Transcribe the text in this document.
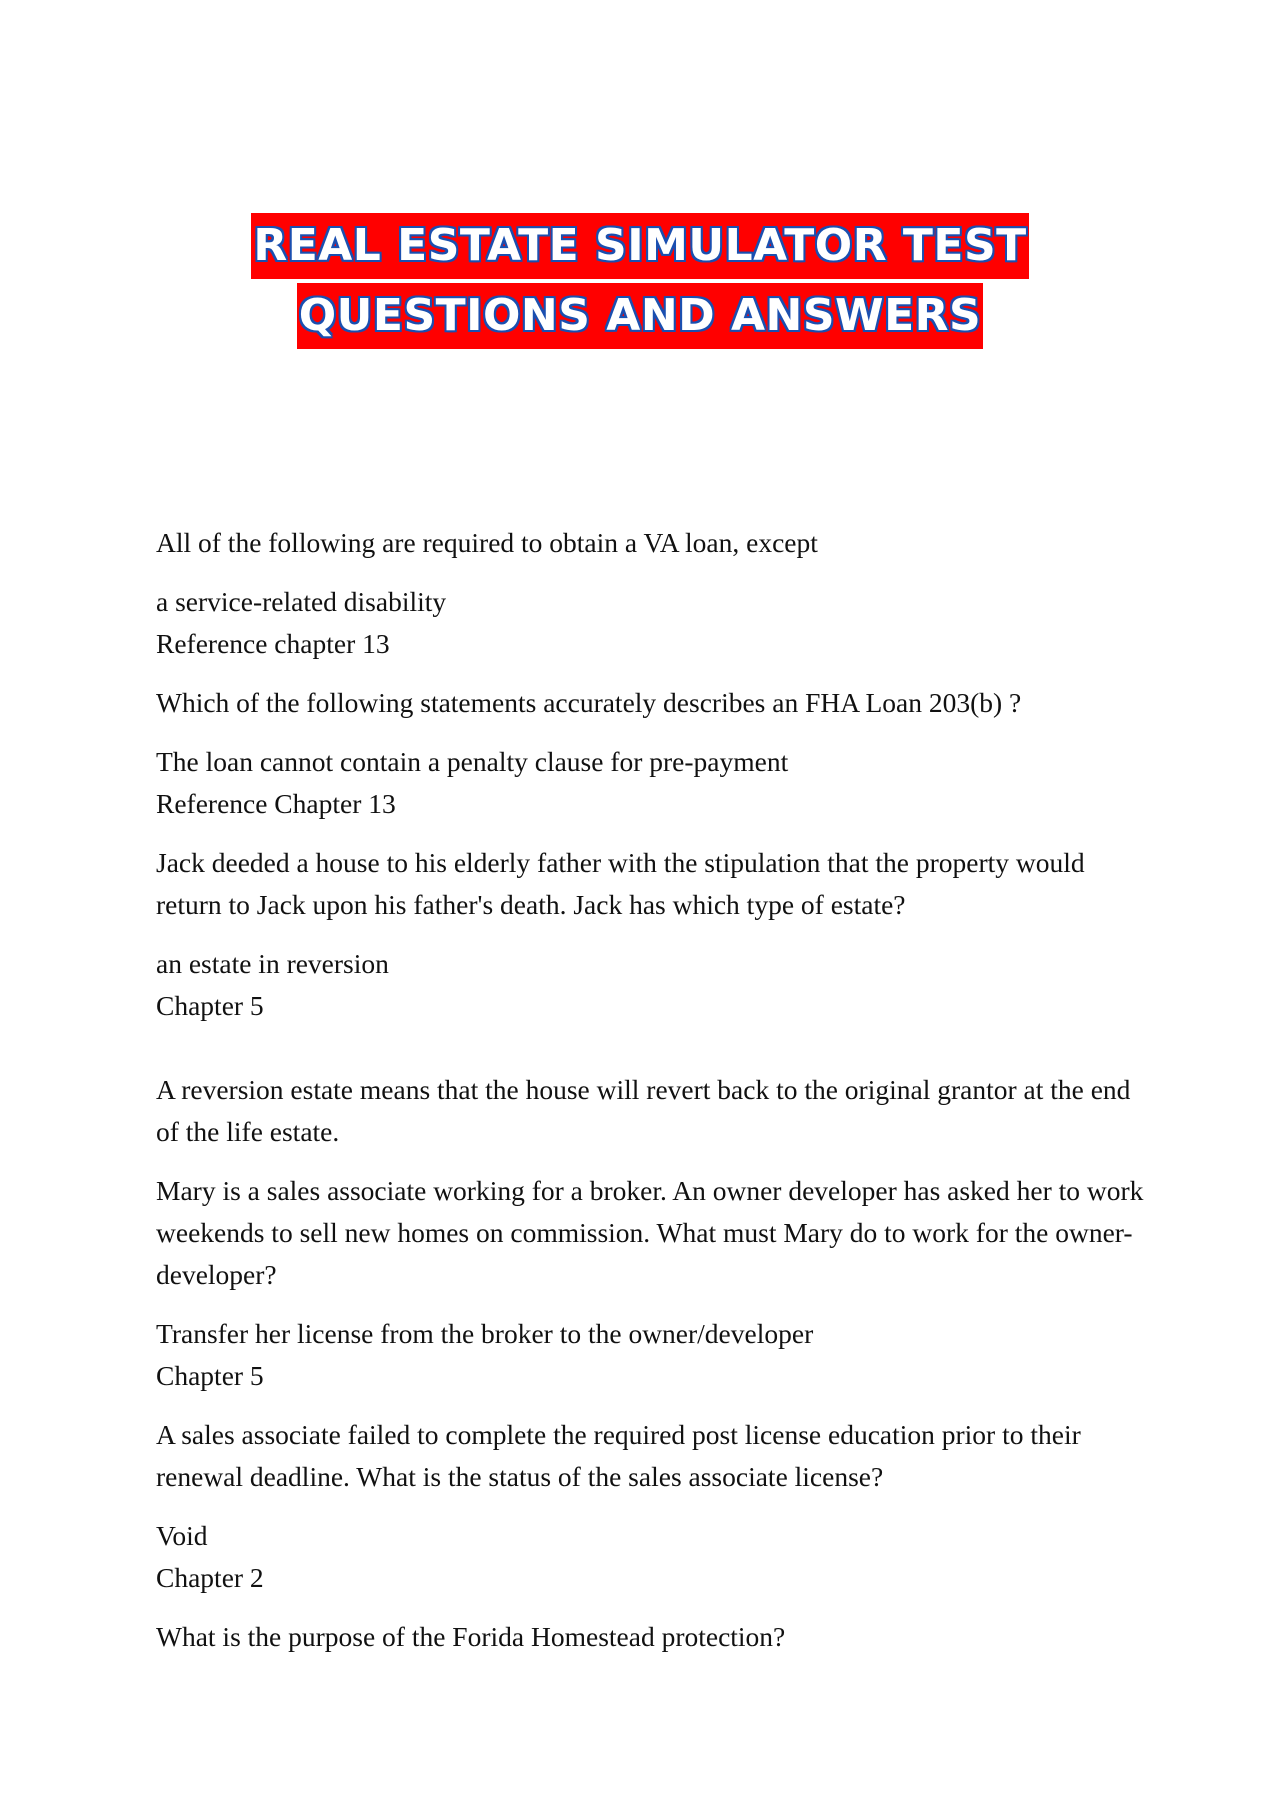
REAL ESTATE SIMULATOR TEST
QUESTIONS AND ANSWERS

All of the following are required to obtain a VA loan, except

a service-related disability
Reference chapter 13

Which of the following statements accurately describes an FHA Loan 203(b) ?

The loan cannot contain a penalty clause for pre-payment
Reference Chapter 13

Jack deeded a house to his elderly father with the stipulation that the property would return to Jack upon his father's death. Jack has which type of estate?

an estate in reversion
Chapter 5

A reversion estate means that the house will revert back to the original grantor at the end of the life estate.

Mary is a sales associate working for a broker. An owner developer has asked her to work weekends to sell new homes on commission. What must Mary do to work for the owner-developer?

Transfer her license from the broker to the owner/developer
Chapter 5

A sales associate failed to complete the required post license education prior to their renewal deadline. What is the status of the sales associate license?

Void
Chapter 2

What is the purpose of the Forida Homestead protection?
